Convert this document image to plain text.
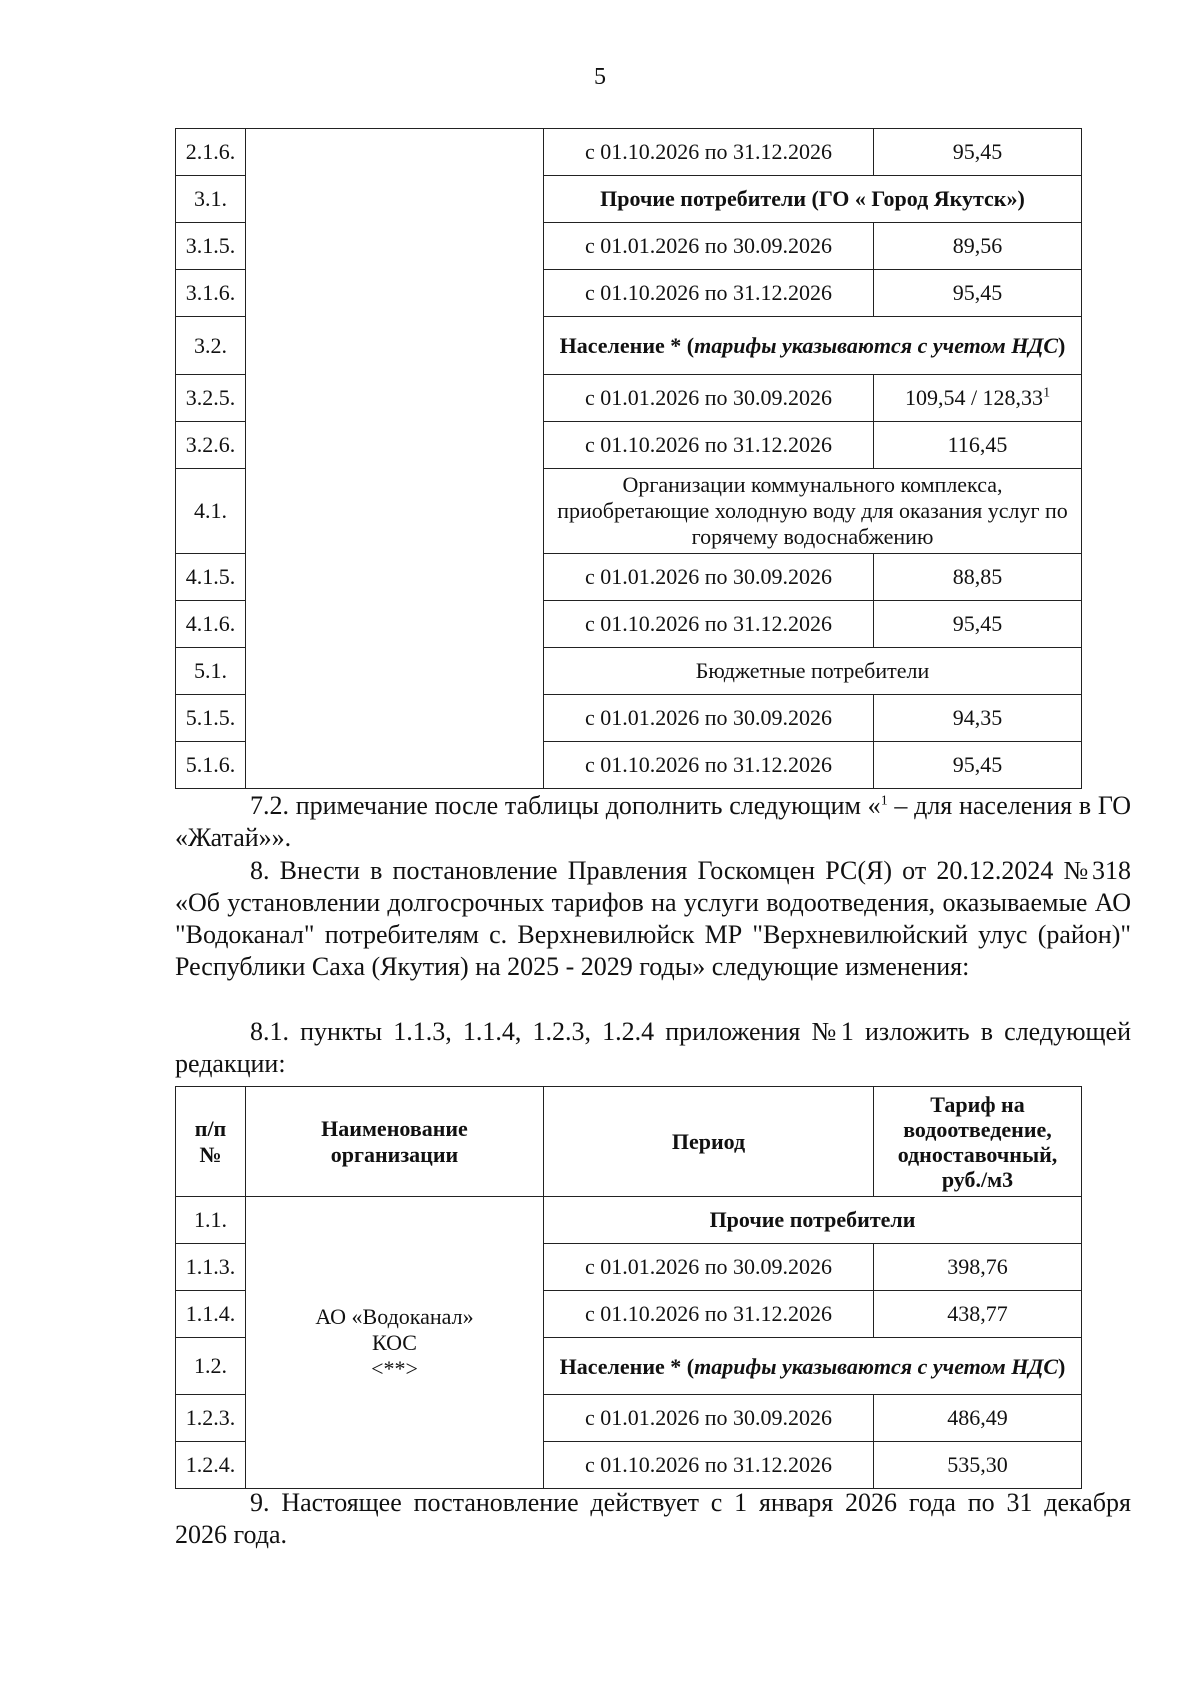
5
2.1.6.		с 01.10.2026 по 31.12.2026	95,45
3.1.		Прочие потребители (ГО « Город Якутск»)	
3.1.5.		с 01.01.2026 по 30.09.2026	89,56
3.1.6.		с 01.10.2026 по 31.12.2026	95,45
3.2.		Население * (тарифы указываются с учетом НДС)	
3.2.5.		с 01.01.2026 по 30.09.2026	109,54 / 128,33$^1$
3.2.6.		с 01.10.2026 по 31.12.2026	116,45
4.1.		Организации коммунального комплекса, приобретающие холодную воду для оказания услуг по горячему водоснабжению	
4.1.5.		с 01.01.2026 по 30.09.2026	88,85
4.1.6.		с 01.10.2026 по 31.12.2026	95,45
5.1.		Бюджетные потребители	
5.1.5.		с 01.01.2026 по 30.09.2026	94,35
5.1.6.		с 01.10.2026 по 31.12.2026	95,45
7.2. примечание после таблицы дополнить следующим «$^1$ – для населения в ГО «Жатай»».
8. Внести в постановление Правления Госкомцен РС(Я) от 20.12.2024 №318 «Об установлении долгосрочных тарифов на услуги водоотведения, оказываемые АО "Водоканал" потребителям с. Верхневилюйск МР "Верхневилюйский улус (район)" Республики Саха (Якутия) на 2025 - 2029 годы» следующие изменения:
8.1. пункты 1.1.3, 1.1.4, 1.2.3, 1.2.4 приложения №1 изложить в следующей редакции:
п/п
№	Наименование организации	Период	Тариф на водоотведение, одноставочный, руб./м3
1.1.	АО «Водоканал»
КОС
<**>	Прочие потребители	
1.1.3.		с 01.01.2026 по 30.09.2026	398,76
1.1.4.		с 01.10.2026 по 31.12.2026	438,77
1.2.		Население * (тарифы указываются с учетом НДС)	
1.2.3.		с 01.01.2026 по 30.09.2026	486,49
1.2.4.		с 01.10.2026 по 31.12.2026	535,30
9. Настоящее постановление действует с 1 января 2026 года по 31 декабря 2026 года.
